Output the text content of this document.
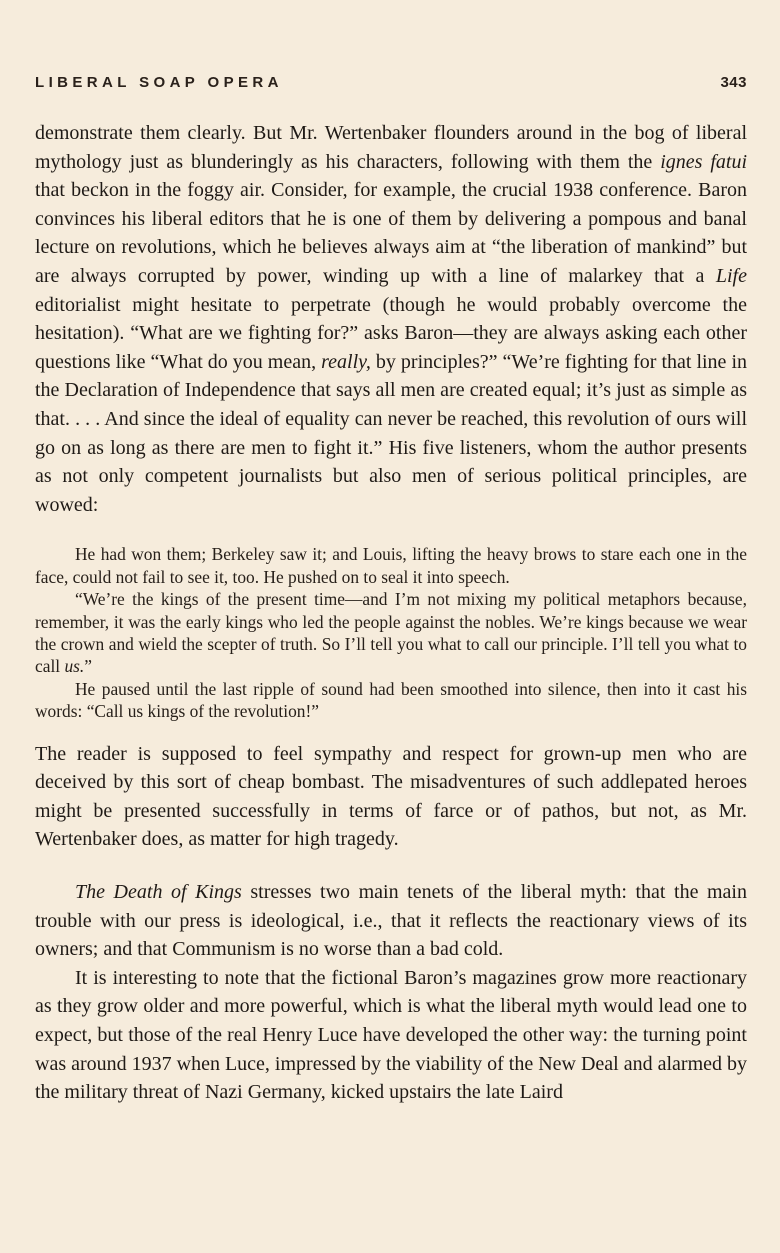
LIBERAL SOAP OPERA	343

demonstrate them clearly. But Mr. Wertenbaker flounders around in the bog of liberal mythology just as blunderingly as his characters, following with them the ignes fatui that beckon in the foggy air. Consider, for example, the crucial 1938 conference. Baron convinces his liberal editors that he is one of them by delivering a pompous and banal lecture on revolutions, which he believes always aim at “the liberation of mankind” but are always corrupted by power, winding up with a line of malarkey that a Life editorialist might hesitate to perpetrate (though he would probably overcome the hesitation). “What are we fighting for?” asks Baron—they are always asking each other questions like “What do you mean, really, by principles?” “We’re fighting for that line in the Declaration of Independence that says all men are created equal; it’s just as simple as that. . . . And since the ideal of equality can never be reached, this revolution of ours will go on as long as there are men to fight it.” His five listeners, whom the author presents as not only competent journalists but also men of serious political principles, are wowed:

He had won them; Berkeley saw it; and Louis, lifting the heavy brows to stare each one in the face, could not fail to see it, too. He pushed on to seal it into speech.

“We’re the kings of the present time—and I’m not mixing my political metaphors because, remember, it was the early kings who led the people against the nobles. We’re kings because we wear the crown and wield the scepter of truth. So I’ll tell you what to call our principle. I’ll tell you what to call us.”

He paused until the last ripple of sound had been smoothed into silence, then into it cast his words: “Call us kings of the revolution!”

The reader is supposed to feel sympathy and respect for grown-up men who are deceived by this sort of cheap bombast. The misadventures of such addlepated heroes might be presented successfully in terms of farce or of pathos, but not, as Mr. Wertenbaker does, as matter for high tragedy.

The Death of Kings stresses two main tenets of the liberal myth: that the main trouble with our press is ideological, i.e., that it reflects the reactionary views of its owners; and that Communism is no worse than a bad cold.

It is interesting to note that the fictional Baron’s magazines grow more reactionary as they grow older and more powerful, which is what the liberal myth would lead one to expect, but those of the real Henry Luce have developed the other way: the turning point was around 1937 when Luce, impressed by the viability of the New Deal and alarmed by the military threat of Nazi Germany, kicked upstairs the late Laird
